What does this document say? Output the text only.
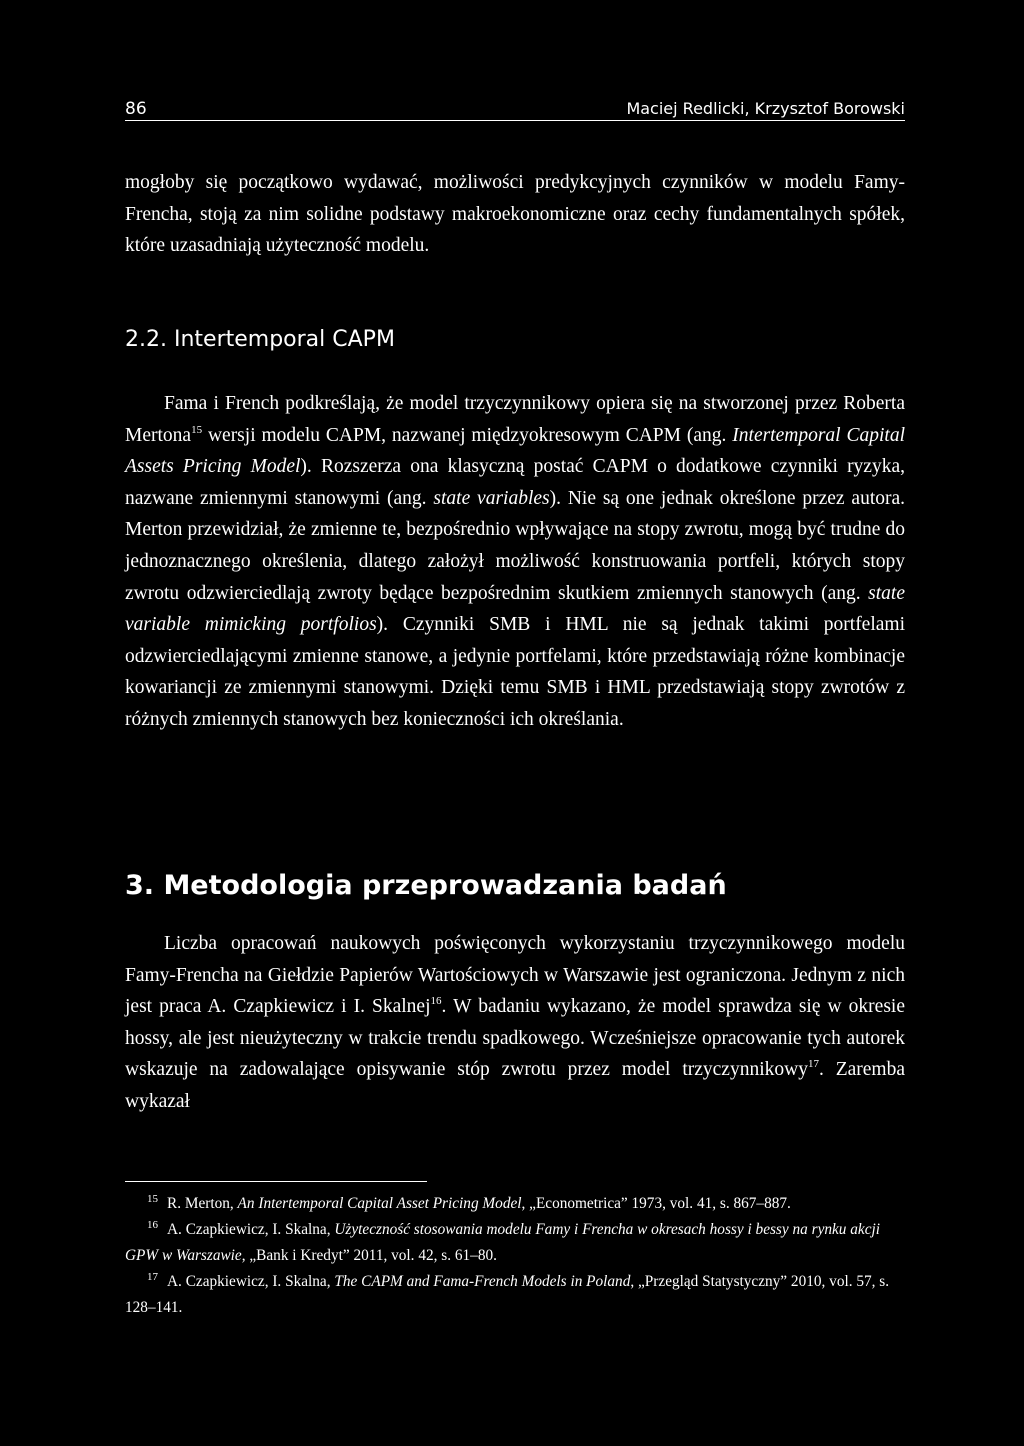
86	Maciej Redlicki, Krzysztof Borowski

mogłoby się początkowo wydawać, możliwości predykcyjnych czynników w modelu Famy-Frencha, stoją za nim solidne podstawy makroekonomiczne oraz cechy fundamentalnych spółek, które uzasadniają użyteczność modelu.

2.2. Intertemporal CAPM

Fama i French podkreślają, że model trzyczynnikowy opiera się na stworzonej przez Roberta Mertona$^{15}$ wersji modelu CAPM, nazwanej międzyokresowym CAPM (ang. Intertemporal Capital Assets Pricing Model). Rozszerza ona klasyczną postać CAPM o dodatkowe czynniki ryzyka, nazwane zmiennymi stanowymi (ang. state variables). Nie są one jednak określone przez autora. Merton przewidział, że zmienne te, bezpośrednio wpływające na stopy zwrotu, mogą być trudne do jednoznacznego określenia, dlatego założył możliwość konstruowania portfeli, których stopy zwrotu odzwierciedlają zwroty będące bezpośrednim skutkiem zmiennych stanowych (ang. state variable mimicking portfolios). Czynniki SMB i HML nie są jednak takimi portfelami odzwierciedlającymi zmienne stanowe, a jedynie portfelami, które przedstawiają różne kombinacje kowariancji ze zmiennymi stanowymi. Dzięki temu SMB i HML przedstawiają stopy zwrotów z różnych zmiennych stanowych bez konieczności ich określania.

3. Metodologia przeprowadzania badań

Liczba opracowań naukowych poświęconych wykorzystaniu trzyczynnikowego modelu Famy-Frencha na Giełdzie Papierów Wartościowych w Warszawie jest ograniczona. Jednym z nich jest praca A. Czapkiewicz i I. Skalnej$^{16}$. W badaniu wykazano, że model sprawdza się w okresie hossy, ale jest nieużyteczny w trakcie trendu spadkowego. Wcześniejsze opracowanie tych autorek wskazuje na zadowalające opisywanie stóp zwrotu przez model trzyczynnikowy$^{17}$. Zaremba wykazał

15 R. Merton, An Intertemporal Capital Asset Pricing Model, „Econometrica” 1973, vol. 41, s. 867–887.

16 A. Czapkiewicz, I. Skalna, Użyteczność stosowania modelu Famy i Frencha w okresach hossy i bessy na rynku akcji GPW w Warszawie, „Bank i Kredyt” 2011, vol. 42, s. 61–80.

17 A. Czapkiewicz, I. Skalna, The CAPM and Fama-French Models in Poland, „Przegląd Statystyczny” 2010, vol. 57, s. 128–141.
